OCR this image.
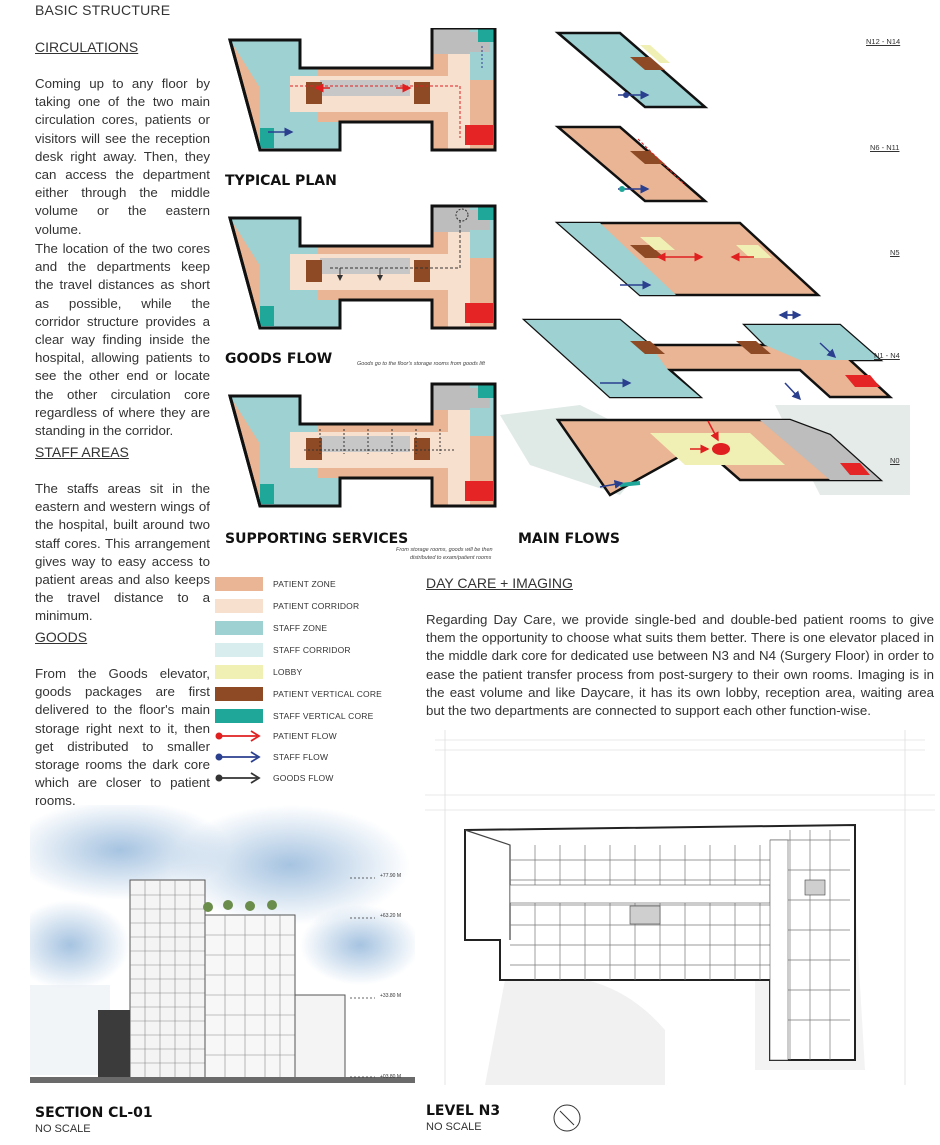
BASIC STRUCTURE
CIRCULATIONS
Coming up to any floor by taking one of the two main circulation cores, patients or visitors will see the reception desk right away. Then, they can access the department either through the middle volume or the eastern volume.
The location of the two cores and the departments keep the travel distances as short as possible, while the corridor structure provides a clear way finding inside the hospital, allowing patients to see the other end or locate the other circulation core regardless of where they are standing in the corridor.
STAFF AREAS
The staffs areas sit in the eastern and western wings of the hospital, built around two staff cores. This arrangement gives way to easy access to patient areas and also keeps the travel distance to a minimum.
GOODS
From the Goods elevator, goods packages are first delivered to the floor's main storage right next to it, then get distributed to smaller storage rooms the dark core which are closer to patient rooms.
TYPICAL PLAN
GOODS FLOW	Goods go to the floor's storage rooms from goods lift
SUPPORTING SERVICES
From storage rooms, goods will be then
distributed to exam/patient rooms
MAIN FLOWS
N12 - N14
N6 - N11
N5
N1 - N4
N0
PATIENT ZONE
PATIENT CORRIDOR
STAFF ZONE
STAFF CORRIDOR
LOBBY
PATIENT VERTICAL CORE
STAFF VERTICAL CORE
PATIENT FLOW
STAFF FLOW
GOODS FLOW
DAY CARE + IMAGING
Regarding Day Care, we provide single-bed and double-bed patient rooms to give them the opportunity to choose what suits them better. There is one elevator placed in the middle dark core for dedicated use between N3 and N4 (Surgery Floor) in order to ease the patient transfer process from post-surgery to their own rooms. Imaging is in the east volume and like Daycare, it has its own lobby, reception area, waiting area but the two departments are connected to support each other function-wise.
+77.90 M
+63.20 M
+33.80 M
+03.80 M
SECTION CL-01
NO SCALE
LEVEL N3
NO SCALE
